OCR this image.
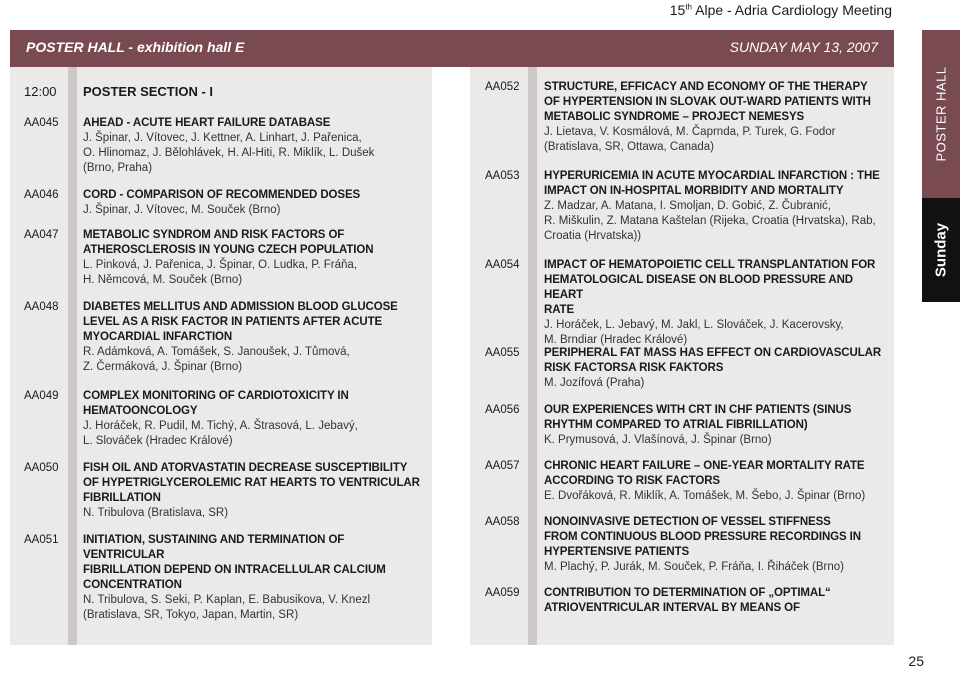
15th Alpe - Adria Cardiology Meeting
POSTER HALL - exhibition hall E	SUNDAY MAY 13, 2007
POSTER HALL
Sunday
12:00 POSTER SECTION - I
AA045 AHEAD - ACUTE HEART FAILURE DATABASE
J. Špinar, J. Vítovec, J. Kettner, A. Linhart, J. Pařenica,
O. Hlinomaz, J. Bělohlávek, H. Al-Hiti, R. Miklík, L. Dušek
(Brno, Praha)
AA046 CORD - COMPARISON OF RECOMMENDED DOSES
J. Špinar, J. Vítovec, M. Souček (Brno)
AA047 METABOLIC SYNDROM AND RISK FACTORS OF
ATHEROSCLEROSIS IN YOUNG CZECH POPULATION
L. Pinková, J. Pařenica, J. Špinar, O. Ludka, P. Fráňa,
H. Němcová, M. Souček (Brno)
AA048 DIABETES MELLITUS AND ADMISSION BLOOD GLUCOSE
LEVEL AS A RISK FACTOR IN PATIENTS AFTER ACUTE
MYOCARDIAL INFARCTION
R. Adámková, A. Tomášek, S. Janoušek, J. Tůmová,
Z. Čermáková, J. Špinar (Brno)
AA049 COMPLEX MONITORING OF CARDIOTOXICITY IN
HEMATOONCOLOGY
J. Horáček, R. Pudil, M. Tichý, A. Štrasová, L. Jebavý,
L. Slováček (Hradec Králové)
AA050 FISH OIL AND ATORVASTATIN DECREASE SUSCEPTIBILITY
OF HYPETRIGLYCEROLEMIC RAT HEARTS TO VENTRICULAR
FIBRILLATION
N. Tribulova (Bratislava, SR)
AA051 INITIATION, SUSTAINING AND TERMINATION OF VENTRICULAR
FIBRILLATION DEPEND ON INTRACELLULAR CALCIUM
CONCENTRATION
N. Tribulova, S. Seki, P. Kaplan, E. Babusikova, V. Knezl
(Bratislava, SR, Tokyo, Japan, Martin, SR)
AA052 STRUCTURE, EFFICACY AND ECONOMY OF THE THERAPY
OF HYPERTENSION IN SLOVAK OUT-WARD PATIENTS WITH
METABOLIC SYNDROME – PROJECT NEMESYS
J. Lietava, V. Kosmálová, M. Čaprnda, P. Turek, G. Fodor
(Bratislava, SR, Ottawa, Canada)
AA053 HYPERURICEMIA IN ACUTE MYOCARDIAL INFARCTION : THE
IMPACT ON IN-HOSPITAL MORBIDITY AND MORTALITY
Z. Madzar, A. Matana, I. Smoljan, D. Gobić, Z. Čubranić,
R. Miškulin, Z. Matana Kaštelan (Rijeka, Croatia (Hrvatska), Rab,
Croatia (Hrvatska))
AA054 IMPACT OF HEMATOPOIETIC CELL TRANSPLANTATION FOR
HEMATOLOGICAL DISEASE ON BLOOD PRESSURE AND HEART
RATE
J. Horáček, L. Jebavý, M. Jakl, L. Slováček, J. Kacerovsky,
M. Brndiar (Hradec Králové)
AA055 PERIPHERAL FAT MASS HAS EFFECT ON CARDIOVASCULAR
RISK FACTORSA RISK FAKTORS
M. Jozífová (Praha)
AA056 OUR EXPERIENCES WITH CRT IN CHF PATIENTS (SINUS
RHYTHM COMPARED TO ATRIAL FIBRILLATION)
K. Prymusová, J. Vlašínová, J. Špinar (Brno)
AA057 CHRONIC HEART FAILURE – ONE-YEAR MORTALITY RATE
ACCORDING TO RISK FACTORS
E. Dvořáková, R. Miklík, A. Tomášek, M. Šebo, J. Špinar (Brno)
AA058 NONOINVASIVE DETECTION OF VESSEL STIFFNESS
FROM CONTINUOUS BLOOD PRESSURE RECORDINGS IN
HYPERTENSIVE PATIENTS
M. Plachý, P. Jurák, M. Souček, P. Fráňa, I. Řiháček (Brno)
AA059 CONTRIBUTION TO DETERMINATION OF „OPTIMAL“
ATRIOVENTRICULAR INTERVAL BY MEANS OF
25
